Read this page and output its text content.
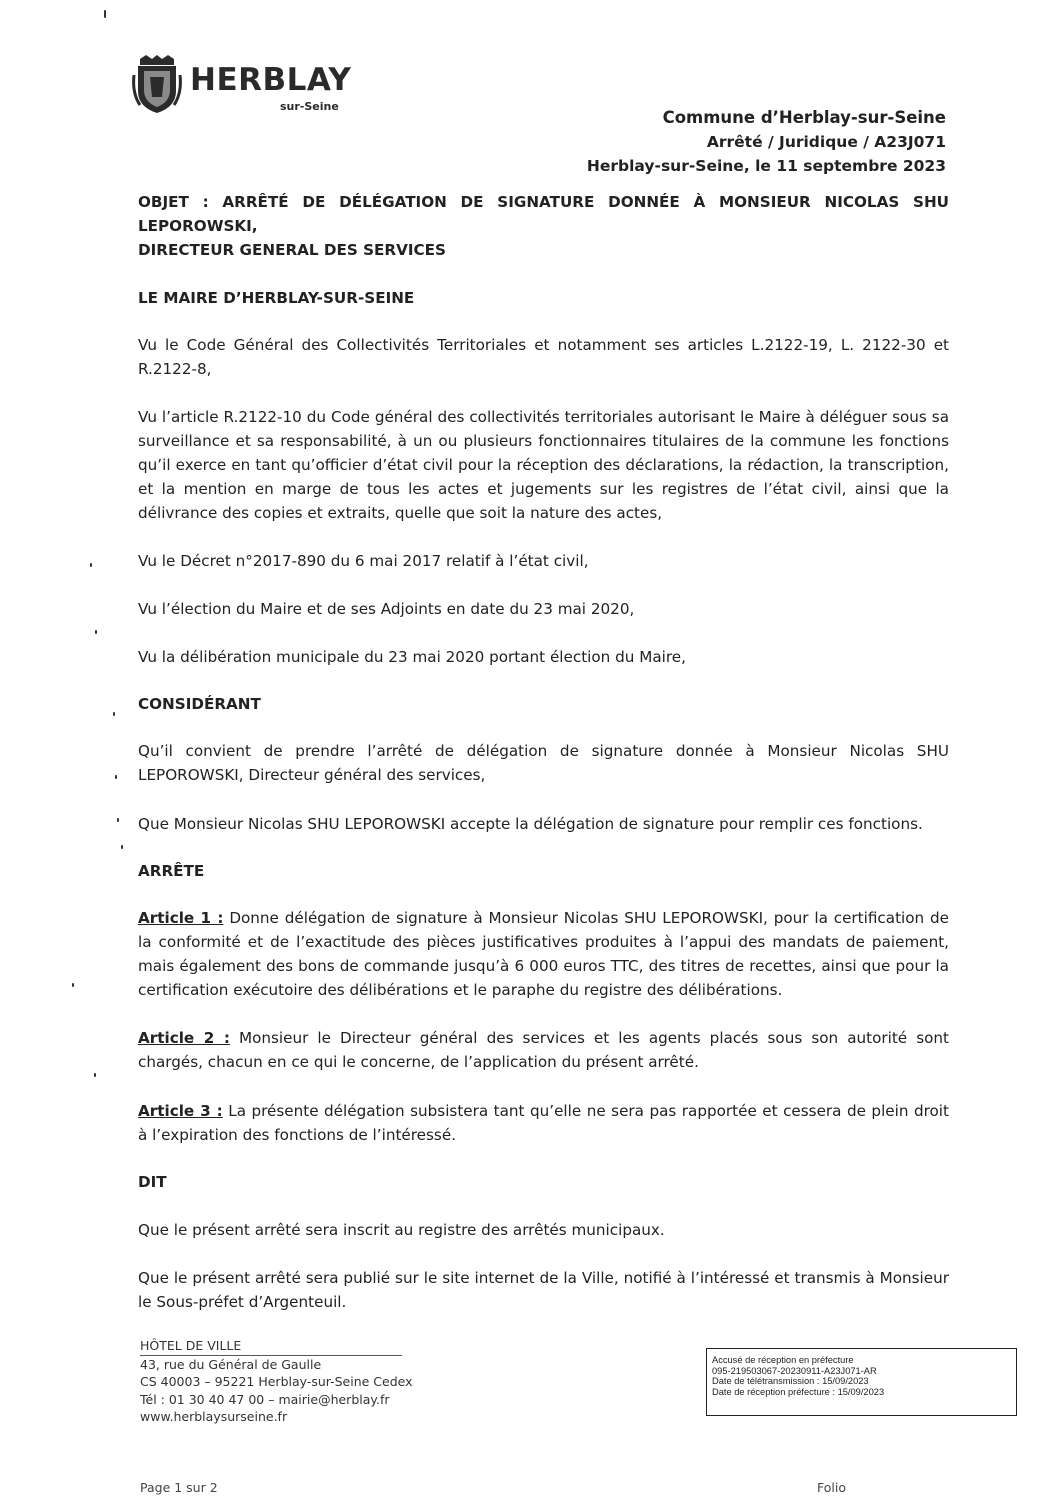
HERBLAY
sur-Seine
Commune d’Herblay-sur-Seine
Arrêté / Juridique / A23J071
Herblay-sur-Seine, le 11 septembre 2023

OBJET : ARRÊTÉ DE DÉLÉGATION DE SIGNATURE DONNÉE À MONSIEUR NICOLAS SHU LEPOROWSKI,

DIRECTEUR GENERAL DES SERVICES

LE MAIRE D’HERBLAY-SUR-SEINE

Vu le Code Général des Collectivités Territoriales et notamment ses articles L.2122-19, L. 2122-30 et R.2122-8,

Vu l’article R.2122-10 du Code général des collectivités territoriales autorisant le Maire à déléguer sous sa surveillance et sa responsabilité, à un ou plusieurs fonctionnaires titulaires de la commune les fonctions qu’il exerce en tant qu’officier d’état civil pour la réception des déclarations, la rédaction, la transcription, et la mention en marge de tous les actes et jugements sur les registres de l’état civil, ainsi que la délivrance des copies et extraits, quelle que soit la nature des actes,

Vu le Décret n°2017-890 du 6 mai 2017 relatif à l’état civil,

Vu l’élection du Maire et de ses Adjoints en date du 23 mai 2020,

Vu la délibération municipale du 23 mai 2020 portant élection du Maire,

CONSIDÉRANT

Qu’il convient de prendre l’arrêté de délégation de signature donnée à Monsieur Nicolas SHU LEPOROWSKI, Directeur général des services,

Que Monsieur Nicolas SHU LEPOROWSKI accepte la délégation de signature pour remplir ces fonctions.

ARRÊTE

Article 1 : Donne délégation de signature à Monsieur Nicolas SHU LEPOROWSKI, pour la certification de la conformité et de l’exactitude des pièces justificatives produites à l’appui des mandats de paiement, mais également des bons de commande jusqu’à 6 000 euros TTC, des titres de recettes, ainsi que pour la certification exécutoire des délibérations et le paraphe du registre des délibérations.

Article 2 : Monsieur le Directeur général des services et les agents placés sous son autorité sont chargés, chacun en ce qui le concerne, de l’application du présent arrêté.

Article 3 : La présente délégation subsistera tant qu’elle ne sera pas rapportée et cessera de plein droit à l’expiration des fonctions de l’intéressé.

DIT

Que le présent arrêté sera inscrit au registre des arrêtés municipaux.

Que le présent arrêté sera publié sur le site internet de la Ville, notifié à l’intéressé et transmis à Monsieur le Sous-préfet d’Argenteuil.

HÔTEL DE VILLE
43, rue du Général de Gaulle
CS 40003 – 95221 Herblay-sur-Seine Cedex
Tél : 01 30 40 47 00 – mairie@herblay.fr
www.herblaysurseine.fr
Accusé de réception en préfecture
095-219503067-20230911-A23J071-AR
Date de télétransmission : 15/09/2023
Date de réception préfecture : 15/09/2023
Page 1 sur 2	Folio
